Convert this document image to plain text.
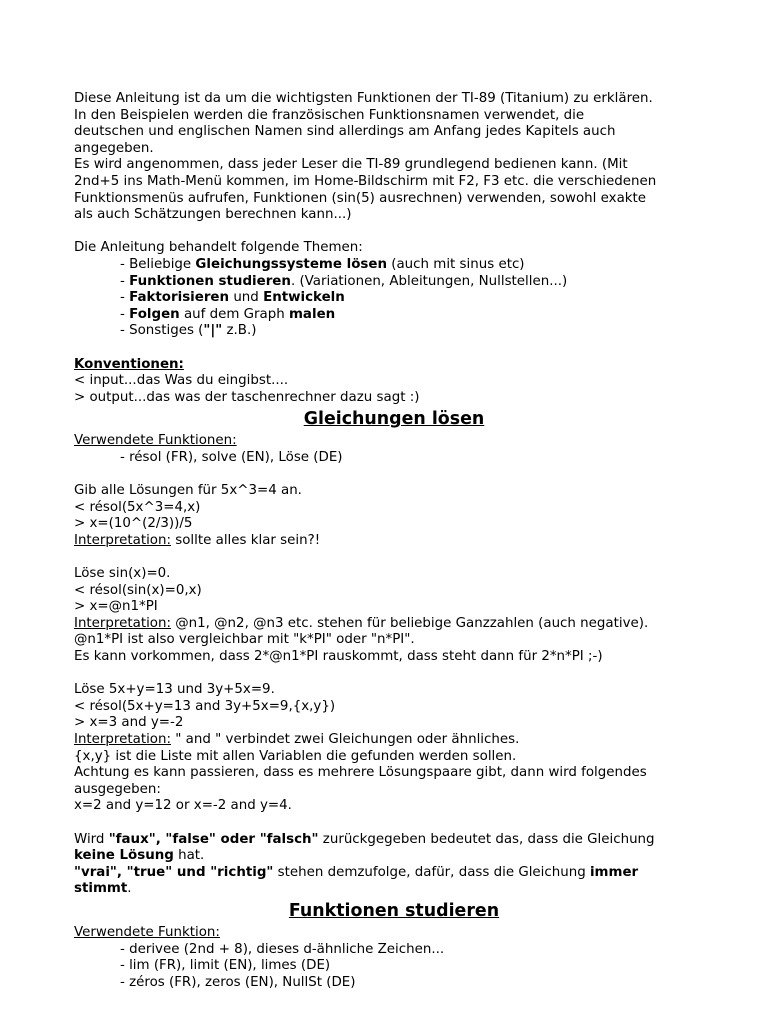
Diese Anleitung ist da um die wichtigsten Funktionen der TI-89 (Titanium) zu erklären.
In den Beispielen werden die französischen Funktionsnamen verwendet, die
deutschen und englischen Namen sind allerdings am Anfang jedes Kapitels auch
angegeben.
Es wird angenommen, dass jeder Leser die TI-89 grundlegend bedienen kann. (Mit
2nd+5 ins Math-Menü kommen, im Home-Bildschirm mit F2, F3 etc. die verschiedenen
Funktionsmenüs aufrufen, Funktionen (sin(5) ausrechnen) verwenden, sowohl exakte
als auch Schätzungen berechnen kann...)
Die Anleitung behandelt folgende Themen:
- Beliebige Gleichungssysteme lösen (auch mit sinus etc)
- Funktionen studieren. (Variationen, Ableitungen, Nullstellen...)
- Faktorisieren und Entwickeln
- Folgen auf dem Graph malen
- Sonstiges ("|" z.B.)
Konventionen:
< input...das Was du eingibst....
> output...das was der taschenrechner dazu sagt :)
Gleichungen lösen
Verwendete Funktionen:
- résol (FR), solve (EN), Löse (DE)
Gib alle Lösungen für 5x^3=4 an.
< résol(5x^3=4,x)
> x=(10^(2/3))/5
Interpretation: sollte alles klar sein?!
Löse sin(x)=0.
< résol(sin(x)=0,x)
> x=@n1*PI
Interpretation: @n1, @n2, @n3 etc. stehen für beliebige Ganzzahlen (auch negative).
@n1*PI ist also vergleichbar mit "k*PI" oder "n*PI".
Es kann vorkommen, dass 2*@n1*PI rauskommt, dass steht dann für 2*n*PI ;-)
Löse 5x+y=13 und 3y+5x=9.
< résol(5x+y=13 and 3y+5x=9,{x,y})
> x=3 and y=-2
Interpretation: " and " verbindet zwei Gleichungen oder ähnliches.
{x,y} ist die Liste mit allen Variablen die gefunden werden sollen.
Achtung es kann passieren, dass es mehrere Lösungspaare gibt, dann wird folgendes
ausgegeben:
x=2 and y=12 or x=-2 and y=4.
Wird "faux", "false" oder "falsch" zurückgegeben bedeutet das, dass die Gleichung
keine Lösung hat.
"vrai", "true" und "richtig" stehen demzufolge, dafür, dass die Gleichung immer
stimmt.
Funktionen studieren
Verwendete Funktion:
- derivee (2nd + 8), dieses d-ähnliche Zeichen...
- lim (FR), limit (EN), limes (DE)
- zéros (FR), zeros (EN), NullSt (DE)
